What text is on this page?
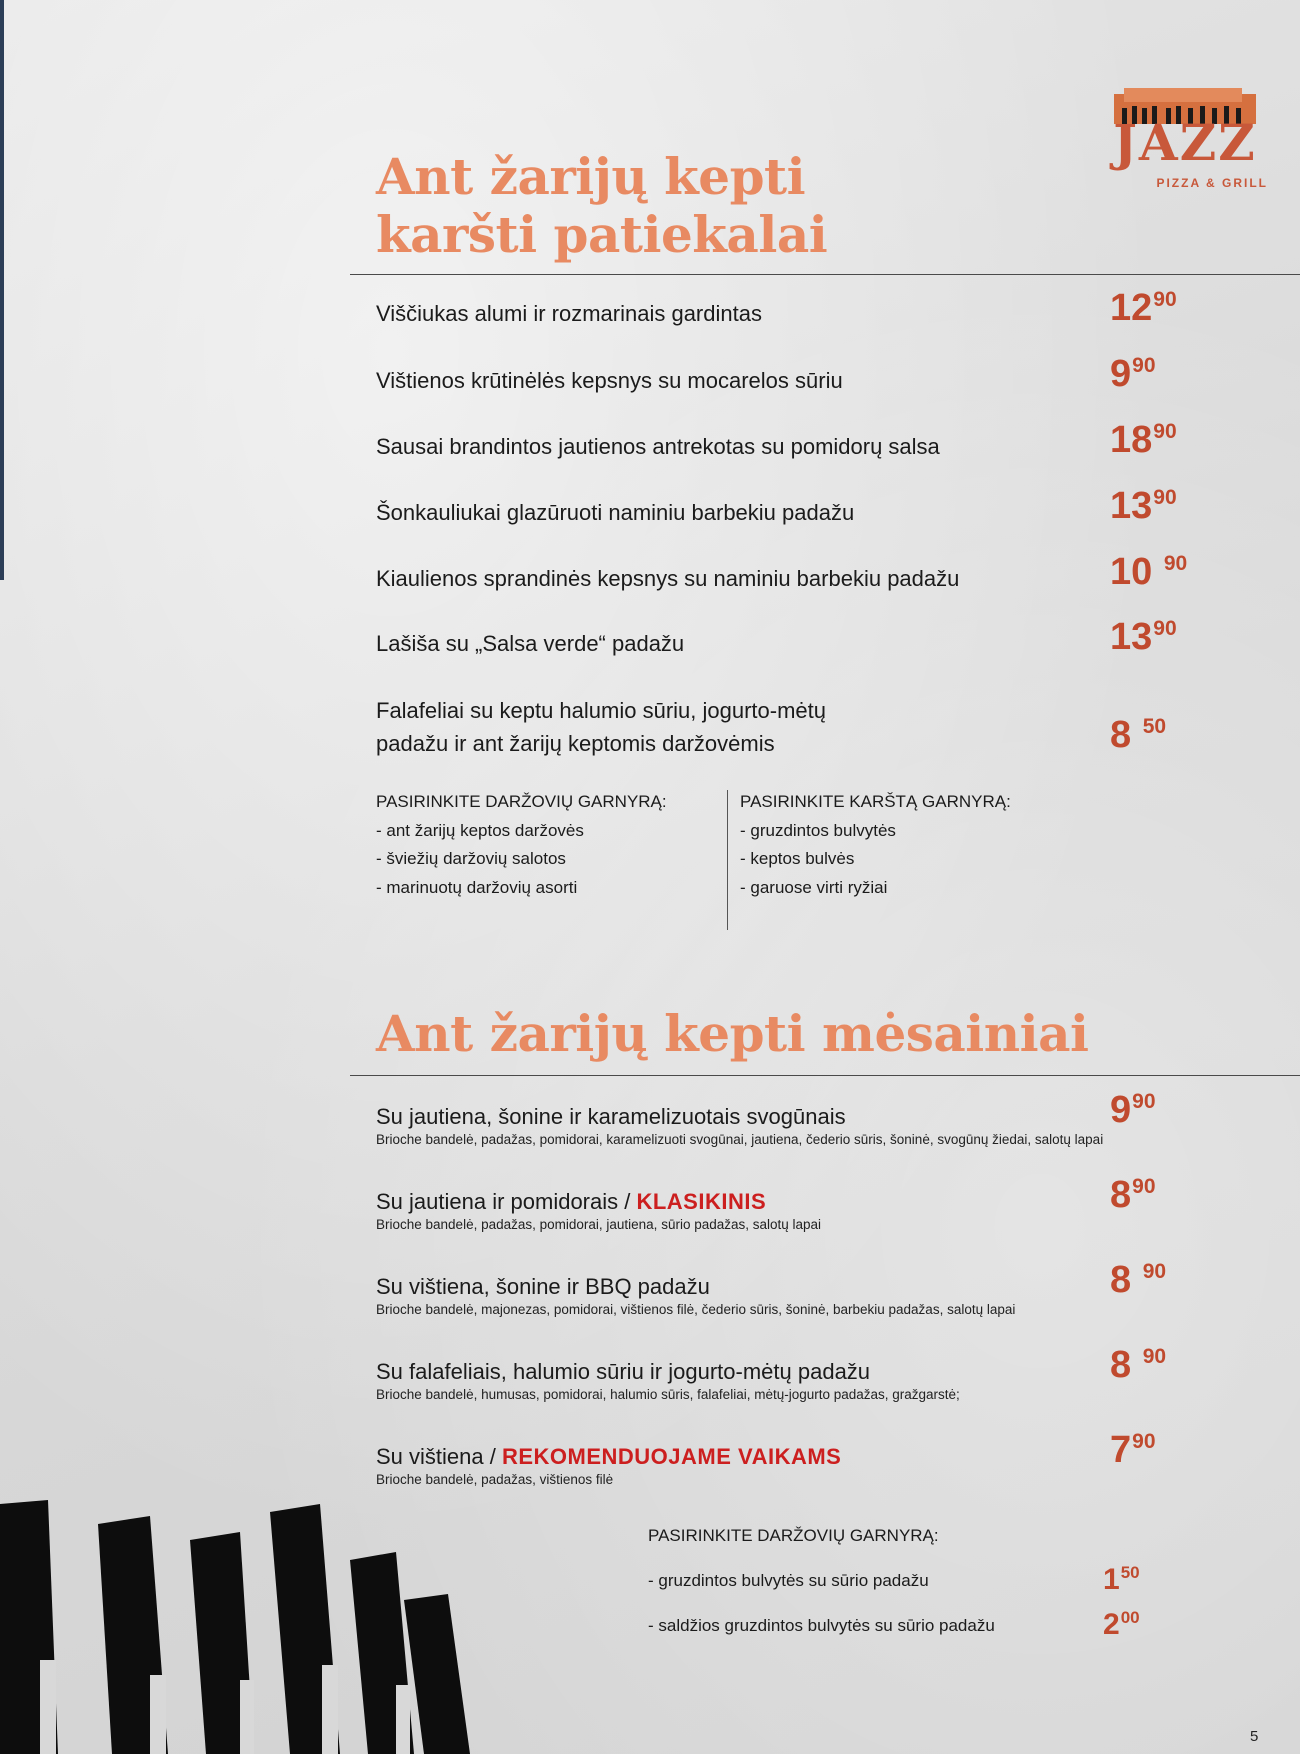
JAZZ
PIZZA & GRILL
Ant žarijų kepti
karšti patiekalai
Viščiukas alumi ir rozmarinais gardintas	$12^{90}$
Vištienos krūtinėlės kepsnys su mocarelos sūriu	$9^{90}$
Sausai brandintos jautienos antrekotas su pomidorų salsa	$18^{90}$
Šonkauliukai glazūruoti naminiu barbekiu padažu	$13^{90}$
Kiaulienos sprandinės kepsnys su naminiu barbekiu padažu	10 $^{90}$
Lašiša su „Salsa verde“ padažu	$13^{90}$
Falafeliai su keptu halumio sūriu, jogurto-mėtų
padažu ir ant žarijų keptomis daržovėmis	8 $^{50}$
PASIRINKITE DARŽOVIŲ GARNYRĄ:
- ant žarijų keptos daržovės
- šviežių daržovių salotos
- marinuotų daržovių asorti
PASIRINKITE KARŠTĄ GARNYRĄ:
- gruzdintos bulvytės
- keptos bulvės
- garuose virti ryžiai
Ant žarijų kepti mėsainiai
Su jautiena, šonine ir karamelizuotais svogūnais
Brioche bandelė, padažas, pomidorai, karamelizuoti svogūnai, jautiena, čederio sūris, šoninė, svogūnų žiedai, salotų lapai
$9^{90}$
Su jautiena ir pomidorais / KLASIKINIS
Brioche bandelė, padažas, pomidorai, jautiena, sūrio padažas, salotų lapai
$8^{90}$
Su vištiena, šonine ir BBQ padažu
Brioche bandelė, majonezas, pomidorai, vištienos filė, čederio sūris, šoninė, barbekiu padažas, salotų lapai
8 $^{90}$
Su falafeliais, halumio sūriu ir jogurto-mėtų padažu
Brioche bandelė, humusas, pomidorai, halumio sūris, falafeliai, mėtų-jogurto padažas, gražgarstė;
8 $^{90}$
Su vištiena / REKOMENDUOJAME VAIKAMS
Brioche bandelė, padažas, vištienos filė
$7^{90}$
PASIRINKITE DARŽOVIŲ GARNYRĄ:
- gruzdintos bulvytės su sūrio padažu	$1^{50}$
- saldžios gruzdintos bulvytės su sūrio padažu	$2^{00}$
5
